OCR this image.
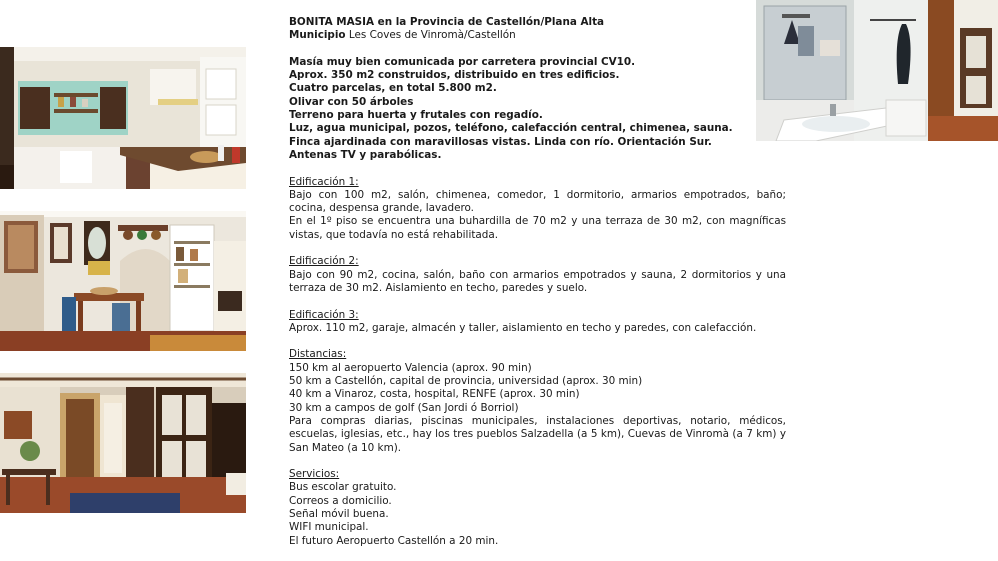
BONITA MASIA en la Provincia de Castellón/Plana Alta

Municipio Les Coves de Vinromà/Castellón

Masía muy bien comunicada por carretera provincial CV10.

Aprox. 350 m2 construidos, distribuido en tres edificios.

Cuatro parcelas, en total 5.800 m2.

Olivar con 50 árboles

Terreno para huerta y frutales con regadío.

Luz, agua municipal, pozos, teléfono, calefacción central, chimenea, sauna.

Finca ajardinada con maravillosas vistas. Linda con río. Orientación Sur.

Antenas TV y parabólicas.

Edificación 1:

Bajo con 100 m2, salón, chimenea, comedor, 1 dormitorio, armarios empotrados, baño; cocina, despensa grande, lavadero.

En el 1º piso se encuentra una buhardilla de 70 m2 y una terraza de 30 m2, con magníficas vistas, que todavía no está rehabilitada.

Edificación 2:

Bajo con 90 m2, cocina, salón, baño con armarios empotrados y sauna, 2 dormitorios y una terraza de 30 m2. Aislamiento en techo, paredes y suelo.

Edificación 3:

Aprox. 110 m2, garaje, almacén y taller, aislamiento en techo y paredes, con calefacción.

Distancias:

150 km al aeropuerto Valencia (aprox. 90 min)

50 km a Castellón, capital de provincia, universidad (aprox. 30 min)

40 km a Vinaroz, costa, hospital, RENFE (aprox. 30 min)

30 km a campos de golf (San Jordi ó Borriol)

Para compras diarias, piscinas municipales, instalaciones deportivas, notario, médicos, escuelas, iglesias, etc., hay los tres pueblos Salzadella (a 5 km), Cuevas de Vinromà (a 7 km) y San Mateo (a 10 km).

Servicios:

Bus escolar gratuito.

Correos a domicilio.

Señal móvil buena.

WIFI municipal.

El futuro Aeropuerto Castellón a 20 min.
